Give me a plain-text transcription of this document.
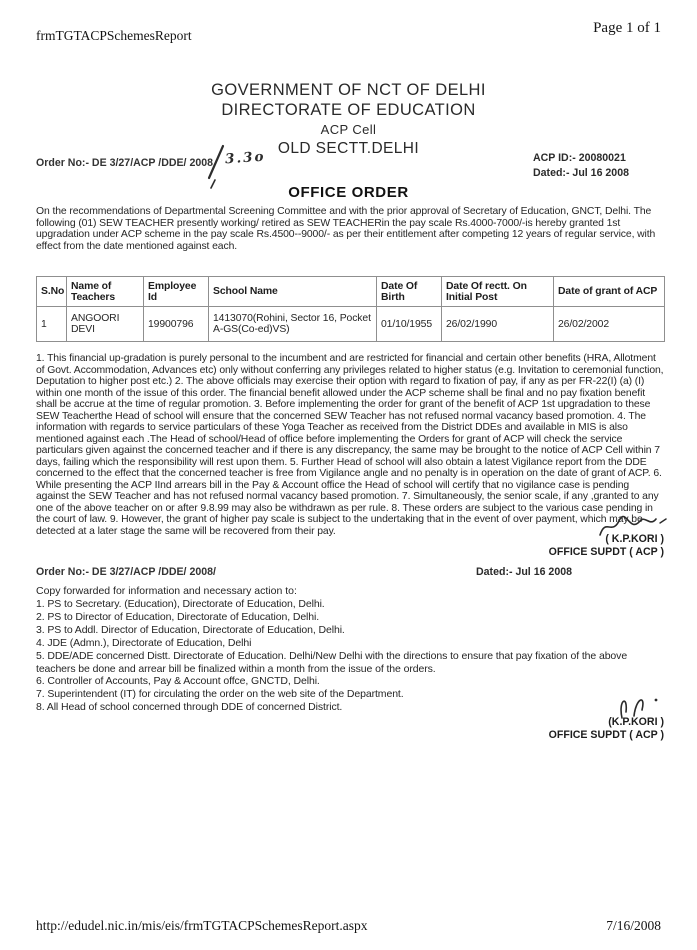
frmTGTACPSchemesReport	Page 1 of 1
GOVERNMENT OF NCT OF DELHI
DIRECTORATE OF EDUCATION
ACP Cell
OLD SECTT.DELHI
Order No:- DE 3/27/ACP /DDE/ 2008 3.3o	ACP ID:- 20080021
Dated:- Jul 16 2008
OFFICE ORDER
On the recommendations of Departmental Screening Committee and with the prior approval of Secretary of Education, GNCT, Delhi. The following (01) SEW TEACHER presently working/ retired as SEW TEACHERin the pay scale Rs.4000-7000/-is hereby granted 1st upgradation under ACP scheme in the pay scale Rs.4500--9000/- as per their entitlement after competing 12 years of regular service, with effect from the date mentioned against each.
S.No	Name of Teachers	Employee Id	School Name	Date Of Birth	Date Of rectt. On Initial Post	Date of grant of ACP
1	ANGOORI DEVI	19900796	1413070(Rohini, Sector 16, Pocket A-GS(Co-ed)VS)	01/10/1955	26/02/1990	26/02/2002
1. This financial up-gradation is purely personal to the incumbent and are restricted for financial and certain other benefits (HRA, Allotment of Govt. Accommodation, Advances etc) only without conferring any privileges related to higher status (e.g. Invitation to ceremonial function, Deputation to higher post etc.) 2. The above officials may exercise their option with regard to fixation of pay, if any as per FR-22(I) (a) (I) within one month of the issue of this order. The financial benefit allowed under the ACP scheme shall be final and no pay fixation benefit shall be accrue at the time of regular promotion. 3. Before implementing the order for grant of the benefit of ACP 1st upgradation to these SEW Teacherthe Head of school will ensure that the concerned SEW Teacher has not refused normal vacancy based promotion. 4. The information with regards to service particulars of these Yoga Teacher as received from the District DDEs and available in MIS is also mentioned against each .The Head of school/Head of office before implementing the Orders for grant of ACP will check the service particulars given against the concerned teacher and if there is any discrepancy, the same may be brought to the notice of ACP Cell within 7 days, failing which the responsibility will rest upon them. 5. Further Head of school will also obtain a latest Vigilance report from the DDE concerned to the effect that the concerned teacher is free from Vigilance angle and no penalty is in operation on the date of grant of ACP. 6. While presenting the ACP IInd arrears bill in the Pay & Account office the Head of school will certify that no vigilance case is pending against the SEW Teacher and has not refused normal vacancy based promotion. 7. Simultaneously, the senior scale, if any ,granted to any one of the above teacher on or after 9.8.99 may also be withdrawn as per rule. 8. These orders are subject to the various case pending in the court of law. 9. However, the grant of higher pay scale is subject to the undertaking that in the event of over payment, which may be detected at a later stage the same will be recovered from their pay.
( K.P.KORI )
OFFICE SUPDT ( ACP )
Order No:- DE 3/27/ACP /DDE/ 2008/	Dated:- Jul 16 2008
Copy forwarded for information and necessary action to:
1. PS to Secretary. (Education), Directorate of Education, Delhi.
2. PS to Director of Education, Directorate of Education, Delhi.
3. PS to Addl. Director of Education, Directorate of Education, Delhi.
4. JDE (Admn.), Directorate of Education, Delhi
5. DDE/ADE concerned Distt. Directorate of Education. Delhi/New Delhi with the directions to ensure that pay fixation of the above teachers be done and arrear bill be finalized within a month from the issue of the orders.
6. Controller of Accounts, Pay & Account offce, GNCTD, Delhi.
7. Superintendent (IT) for circulating the order on the web site of the Department.
8. All Head of school concerned through DDE of concerned District.
(K.P.KORI )
OFFICE SUPDT ( ACP )
http://edudel.nic.in/mis/eis/frmTGTACPSchemesReport.aspx	7/16/2008
